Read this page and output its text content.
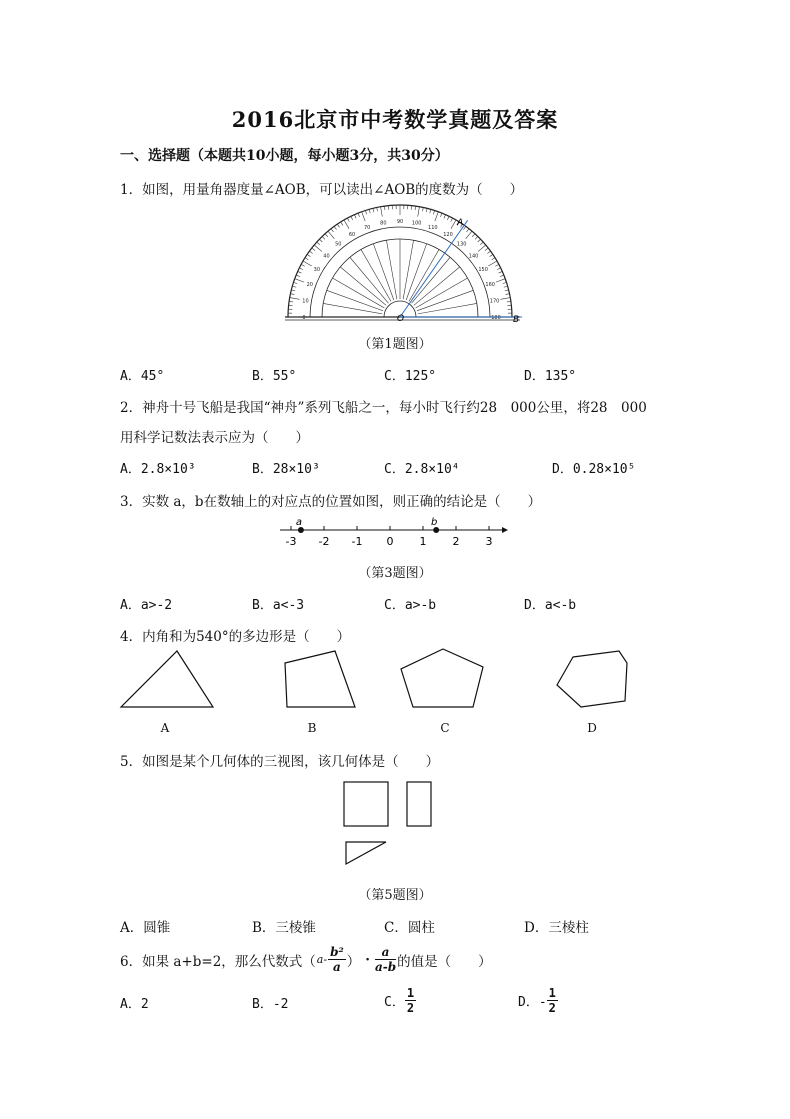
2016北京市中考数学真题及答案
一、选择题（本题共10小题，每小题3分，共30分）
1．如图，用量角器度量∠AOB，可以读出∠AOB的度数为（　　）
0
10
20
30
40
50
60
70
80 90 100
110
120
130
140
150
160
170
180
O
A
B
（第1题图）
A．45°	B．55°	C．125°	D．135°
2．神舟十号飞船是我国“神舟”系列飞船之一，每小时飞行约28　000公里，将28　000
用科学记数法表示应为（　　）
A．2.8×10³	B．28×10³	C．2.8×10⁴	D．0.28×10⁵
3．实数 a，b在数轴上的对应点的位置如图，则正确的结论是（　　）
-3 -2 -1 0 1 2 3
a	b
（第3题图）
A．a>-2	B．a<-3	C．a>-b	D．a<-b
4．内角和为540°的多边形是（　　）
A	B	C	D
5．如图是某个几何体的三视图，该几何体是（　　）
（第5题图）
A．圆锥	B．三棱锥	C．圆柱	D．三棱柱
6．如果 a+b=2，那么代数式（ $a- \frac{\text{b²}}{a}$ ） · $\frac{a}{a-b}$ 的值是（　　）
A．2	B．-2	C． $\frac{1}{2}$	D．- $\frac{1}{2}$
